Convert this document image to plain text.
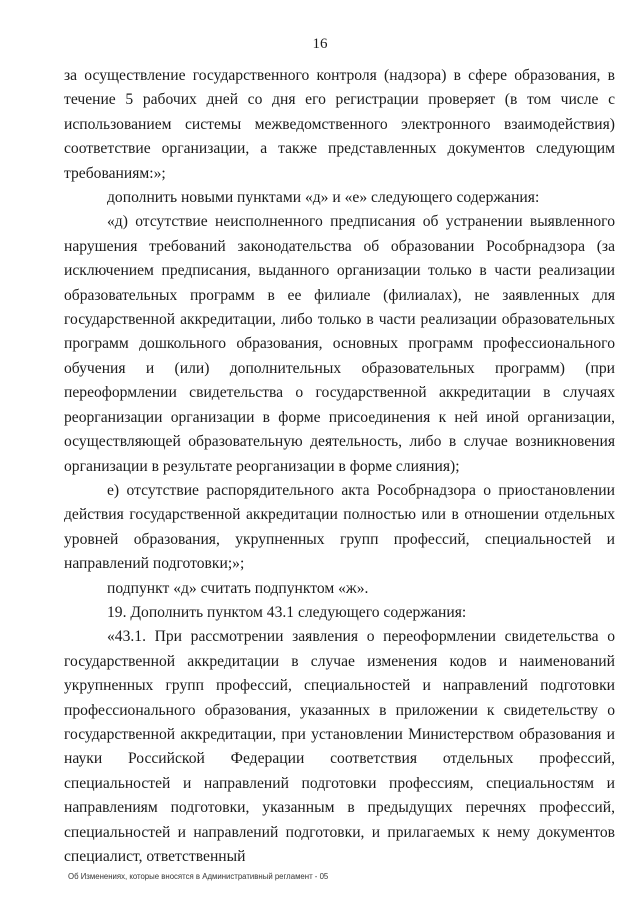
16

за осуществление государственного контроля (надзора) в сфере образования, в течение 5 рабочих дней со дня его регистрации проверяет (в том числе с использованием системы межведомственного электронного взаимодействия) соответствие организации, а также представленных документов следующим требованиям:»;

дополнить новыми пунктами «д» и «е» следующего содержания:

«д) отсутствие неисполненного предписания об устранении выявленного нарушения требований законодательства об образовании Рособрнадзора (за исключением предписания, выданного организации только в части реализации образовательных программ в ее филиале (филиалах), не заявленных для государственной аккредитации, либо только в части реализации образовательных программ дошкольного образования, основных программ профессионального обучения и (или) дополнительных образовательных программ) (при переоформлении свидетельства о государственной аккредитации в случаях реорганизации организации в форме присоединения к ней иной организации, осуществляющей образовательную деятельность, либо в случае возникновения организации в результате реорганизации в форме слияния);

е) отсутствие распорядительного акта Рособрнадзора о приостановлении действия государственной аккредитации полностью или в отношении отдельных уровней образования, укрупненных групп профессий, специальностей и направлений подготовки;»;

подпункт «д» считать подпунктом «ж».

19. Дополнить пунктом 43.1 следующего содержания:

«43.1. При рассмотрении заявления о переоформлении свидетельства о государственной аккредитации в случае изменения кодов и наименований укрупненных групп профессий, специальностей и направлений подготовки профессионального образования, указанных в приложении к свидетельству о государственной аккредитации, при установлении Министерством образования и науки Российской Федерации соответствия отдельных профессий, специальностей и направлений подготовки профессиям, специальностям и направлениям подготовки, указанным в предыдущих перечнях профессий, специальностей и направлений подготовки, и прилагаемых к нему документов специалист, ответственный

Об Изменениях, которые вносятся в Административный регламент - 05
